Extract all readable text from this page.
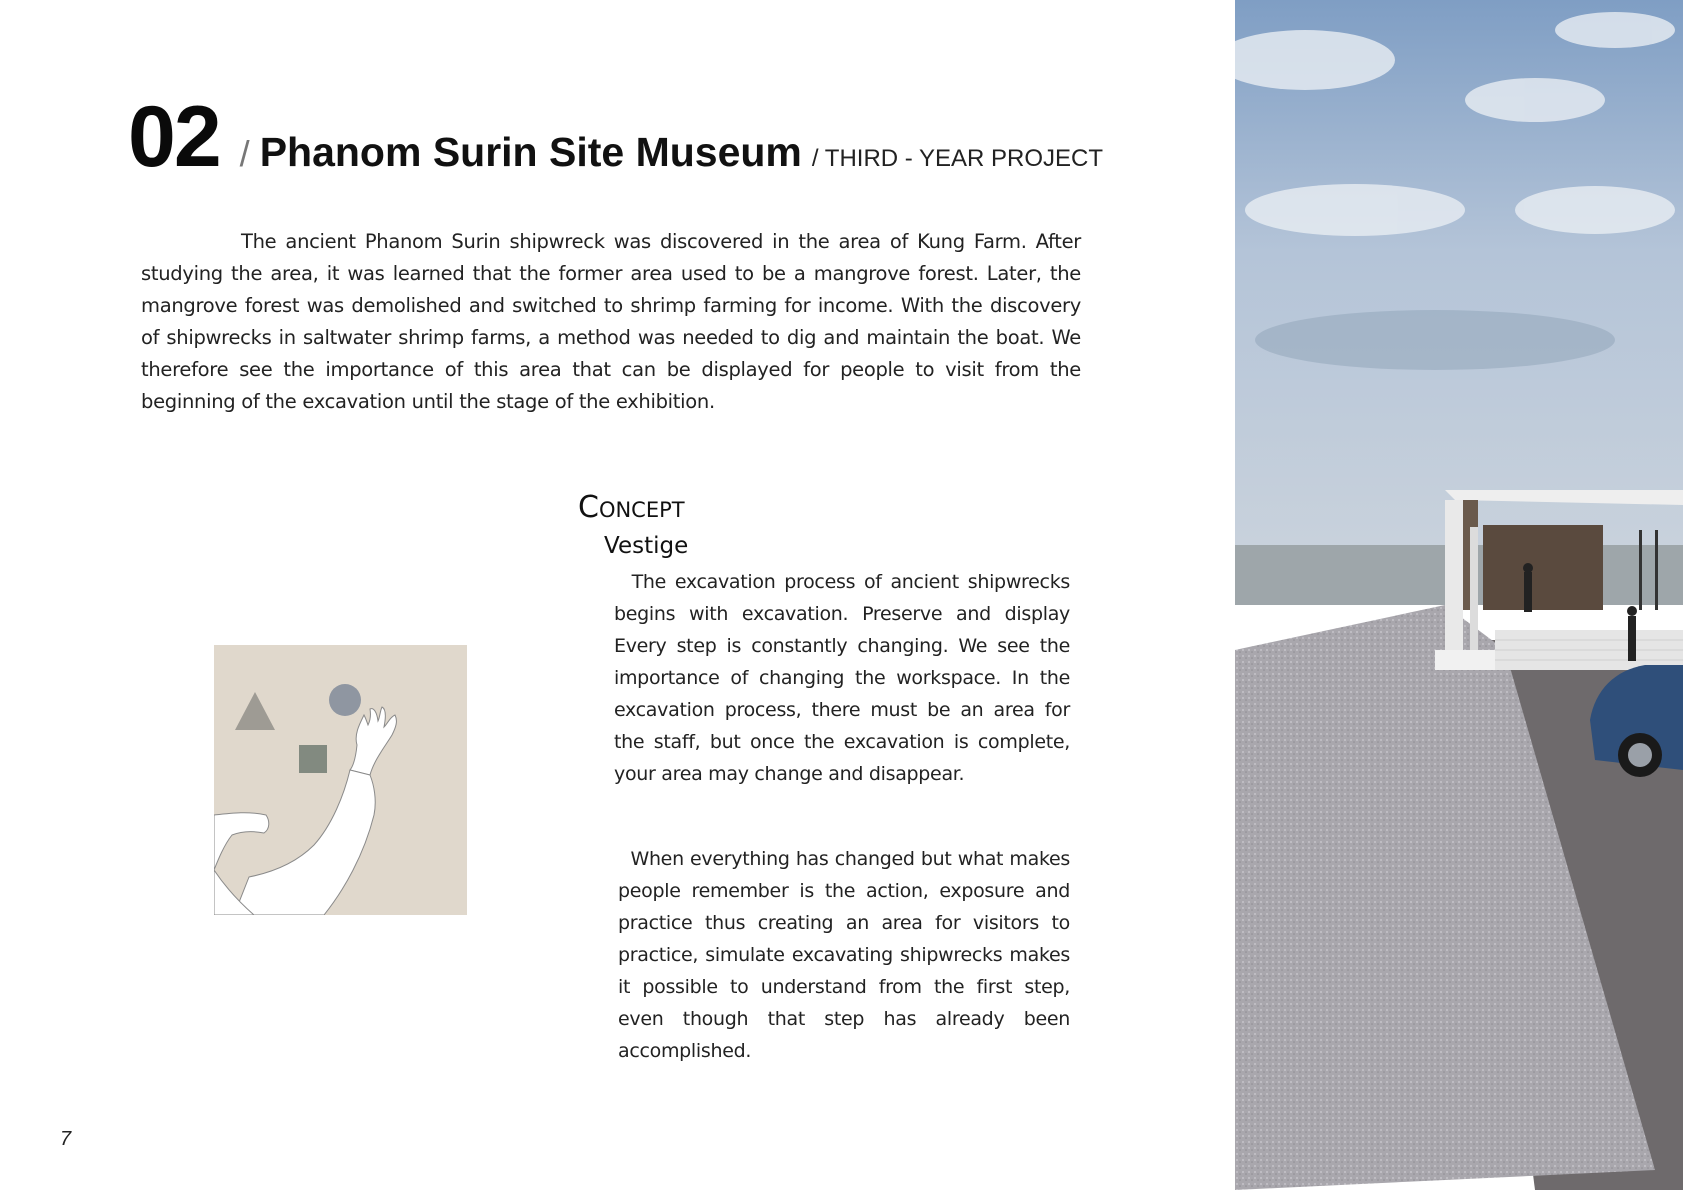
02 / Phanom Surin Site Museum / THIRD - YEAR PROJECT
The ancient Phanom Surin shipwreck was discovered in the area of Kung Farm. After studying the area, it was learned that the former area used to be a mangrove forest. Later, the mangrove forest was demolished and switched to shrimp farming for income. With the discovery of shipwrecks in saltwater shrimp farms, a method was needed to dig and maintain the boat. We therefore see the importance of this area that can be displayed for people to visit from the beginning of the excavation until the stage of the exhibition.
Concept
Vestige
The excavation process of ancient shipwrecks begins with excavation. Preserve and display Every step is constantly changing. We see the importance of changing the workspace. In the excavation process, there must be an area for the staff, but once the excavation is complete, your area may change and disappear.
When everything has changed but what makes people remember is the action, exposure and practice thus creating an area for visitors to practice, simulate excavating shipwrecks makes it possible to understand from the first step, even though that step has already been accomplished.
7
